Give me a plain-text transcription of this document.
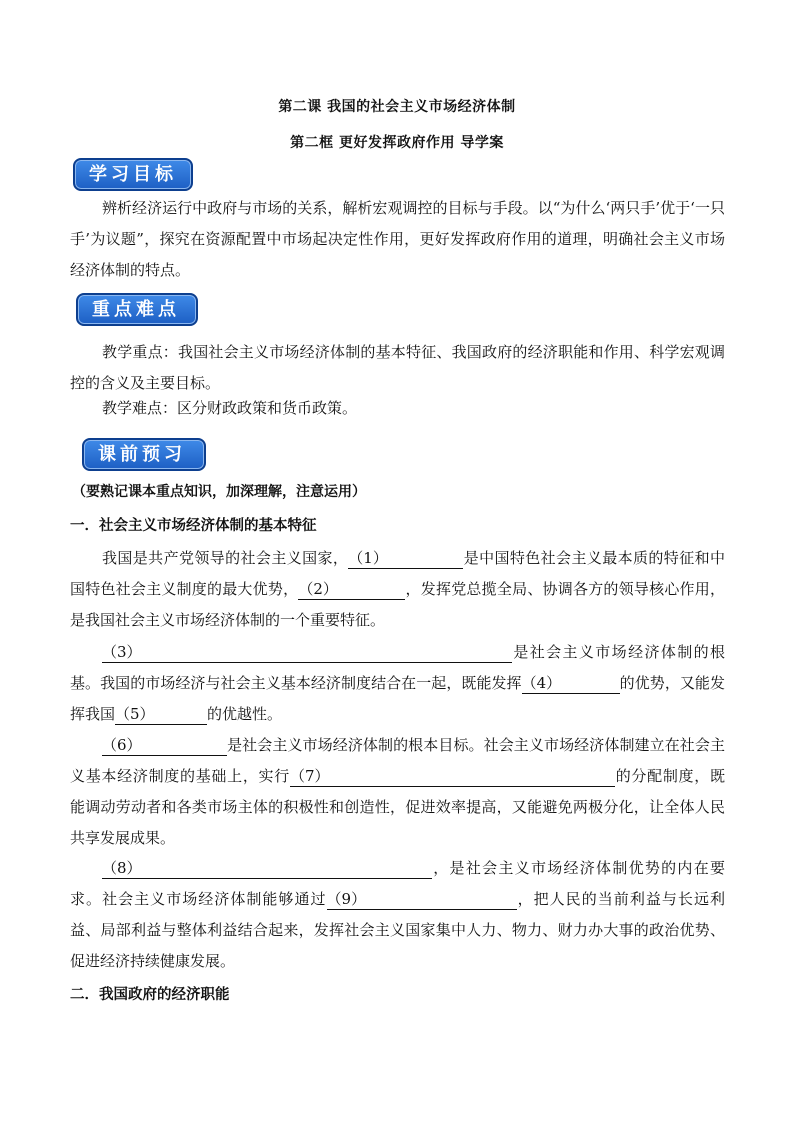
第二课 我国的社会主义市场经济体制
第二框 更好发挥政府作用 导学案
学习目标
辨析经济运行中政府与市场的关系，解析宏观调控的目标与手段。以“为什么‘两只手’优于‘一只手’为议题”，探究在资源配置中市场起决定性作用，更好发挥政府作用的道理，明确社会主义市场经济体制的特点。
重点难点
教学重点：我国社会主义市场经济体制的基本特征、我国政府的经济职能和作用、科学宏观调控的含义及主要目标。
教学难点：区分财政政策和货币政策。
课前预习
（要熟记课本重点知识，加深理解，注意运用）
一．社会主义市场经济体制的基本特征
我国是共产党领导的社会主义国家，（1）	是中国特色社会主义最本质的特征和中国特色社会主义制度的最大优势，（2）	，发挥党总揽全局、协调各方的领导核心作用，是我国社会主义市场经济体制的一个重要特征。
（3）	是社会主义市场经济体制的根基。我国的市场经济与社会主义基本经济制度结合在一起，既能发挥（4）	的优势，又能发挥我国（5）	的优越性。
（6）	是社会主义市场经济体制的根本目标。社会主义市场经济体制建立在社会主义基本经济制度的基础上，实行（7）	的分配制度，既能调动劳动者和各类市场主体的积极性和创造性，促进效率提高，又能避免两极分化，让全体人民共享发展成果。
（8）	，是社会主义市场经济体制优势的内在要求。社会主义市场经济体制能够通过（9）	，把人民的当前利益与长远利益、局部利益与整体利益结合起来，发挥社会主义国家集中人力、物力、财力办大事的政治优势、促进经济持续健康发展。
二．我国政府的经济职能
